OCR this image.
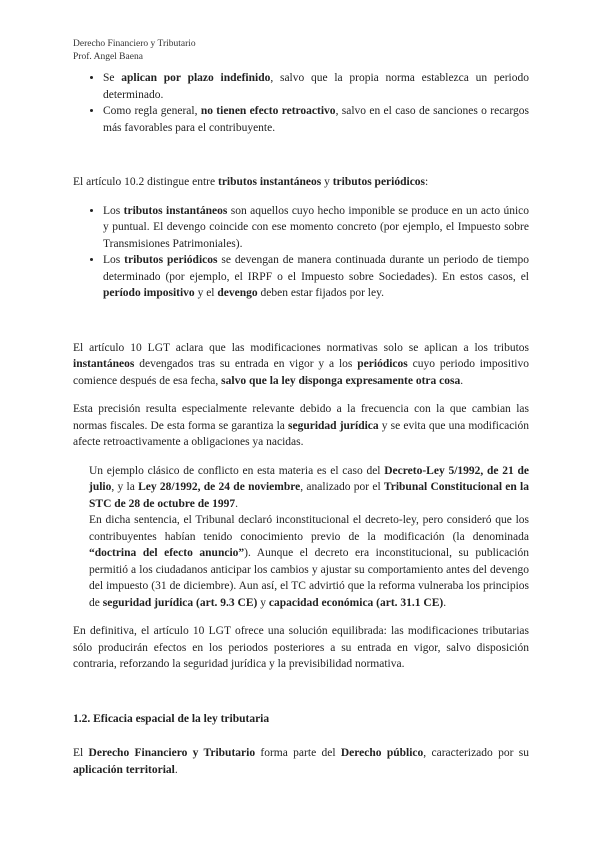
Derecho Financiero y Tributario
Prof. Angel Baena
• Se aplican por plazo indefinido, salvo que la propia norma establezca un periodo determinado.
• Como regla general, no tienen efecto retroactivo, salvo en el caso de sanciones o recargos más favorables para el contribuyente.

El artículo 10.2 distingue entre tributos instantáneos y tributos periódicos:

• Los tributos instantáneos son aquellos cuyo hecho imponible se produce en un acto único y puntual. El devengo coincide con ese momento concreto (por ejemplo, el Impuesto sobre Transmisiones Patrimoniales).
• Los tributos periódicos se devengan de manera continuada durante un periodo de tiempo determinado (por ejemplo, el IRPF o el Impuesto sobre Sociedades). En estos casos, el período impositivo y el devengo deben estar fijados por ley.

El artículo 10 LGT aclara que las modificaciones normativas solo se aplican a los tributos instantáneos devengados tras su entrada en vigor y a los periódicos cuyo periodo impositivo comience después de esa fecha, salvo que la ley disponga expresamente otra cosa.

Esta precisión resulta especialmente relevante debido a la frecuencia con la que cambian las normas fiscales. De esta forma se garantiza la seguridad jurídica y se evita que una modificación afecte retroactivamente a obligaciones ya nacidas.

Un ejemplo clásico de conflicto en esta materia es el caso del Decreto-Ley 5/1992, de 21 de julio, y la Ley 28/1992, de 24 de noviembre, analizado por el Tribunal Constitucional en la STC de 28 de octubre de 1997.

En dicha sentencia, el Tribunal declaró inconstitucional el decreto-ley, pero consideró que los contribuyentes habían tenido conocimiento previo de la modificación (la denominada “doctrina del efecto anuncio”). Aunque el decreto era inconstitucional, su publicación permitió a los ciudadanos anticipar los cambios y ajustar su comportamiento antes del devengo del impuesto (31 de diciembre). Aun así, el TC advirtió que la reforma vulneraba los principios de seguridad jurídica (art. 9.3 CE) y capacidad económica (art. 31.1 CE).

En definitiva, el artículo 10 LGT ofrece una solución equilibrada: las modificaciones tributarias sólo producirán efectos en los periodos posteriores a su entrada en vigor, salvo disposición contraria, reforzando la seguridad jurídica y la previsibilidad normativa.

1.2. Eficacia espacial de la ley tributaria

El Derecho Financiero y Tributario forma parte del Derecho público, caracterizado por su aplicación territorial.
